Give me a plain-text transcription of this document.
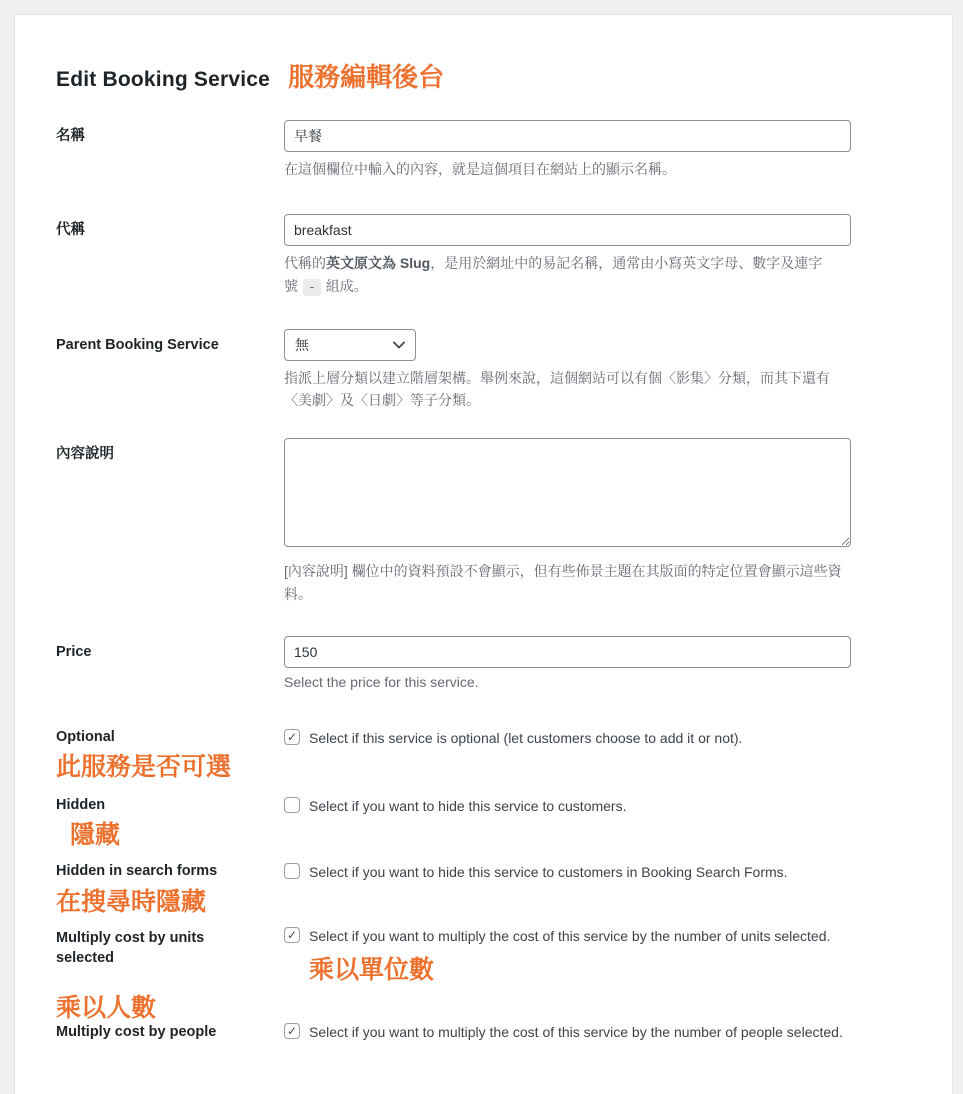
Edit Booking Service 服務編輯後台
名稱
早餐
在這個欄位中輸入的內容，就是這個項目在網站上的顯示名稱。
代稱
breakfast
代稱的英文原文為 Slug，是用於網址中的易記名稱，通常由小寫英文字母、數字及連字號 - 組成。
Parent Booking Service	無
指派上層分類以建立階層架構。舉例來說，這個網站可以有個〈影集〉分類，而其下還有〈美劇〉及〈日劇〉等子分類。
內容說明
[內容說明] 欄位中的資料預設不會顯示，但有些佈景主題在其版面的特定位置會顯示這些資料。
Price
150
Select the price for this service.
Optional
此服務是否可選
✓
Select if this service is optional (let customers choose to add it or not).
Hidden
隱藏
Select if you want to hide this service to customers.
Hidden in search forms
在搜尋時隱藏
Select if you want to hide this service to customers in Booking Search Forms.
Multiply cost by units selected
✓
Select if you want to multiply the cost of this service by the number of units selected.
乘以單位數
乘以人數
Multiply cost by people ✓	Select if you want to multiply the cost of this service by the number of people selected.
